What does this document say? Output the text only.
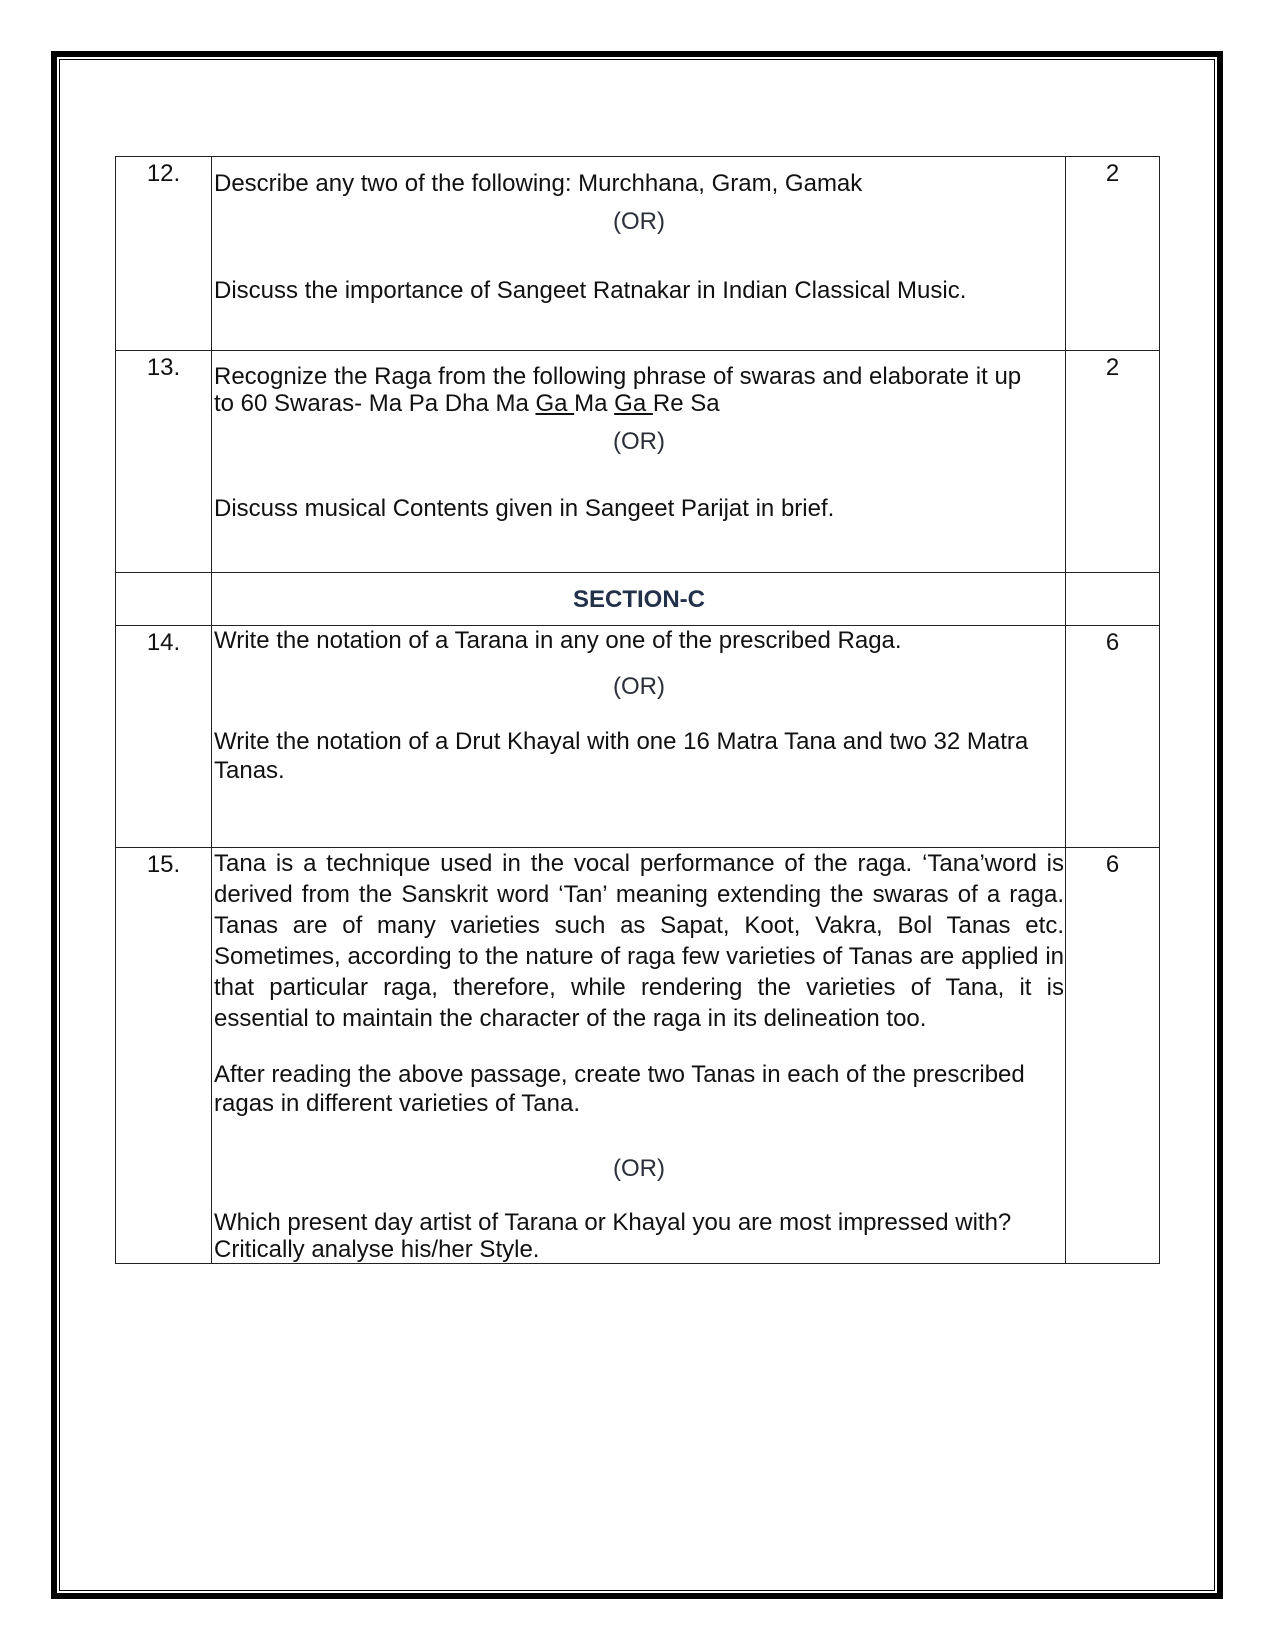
12.	Describe any two of the following: Murchhana, Gram, Gamak

(OR)

Discuss the importance of Sangeet Ratnakar in Indian Classical Music.	2
13.	Recognize the Raga from the following phrase of swaras and elaborate it up
to 60 Swaras- Ma Pa Dha Ma Ga Ma Ga Re Sa

(OR)

Discuss musical Contents given in Sangeet Parijat in brief.	2

	SECTION-C	

14.	Write the notation of a Tarana in any one of the prescribed Raga.

(OR)

Write the notation of a Drut Khayal with one 16 Matra Tana and two 32 Matra Tanas.	6
15.	Tana is a technique used in the vocal performance of the raga. ‘Tana’word is derived from the Sanskrit word ‘Tan’ meaning extending the swaras of a raga. Tanas are of many varieties such as Sapat, Koot, Vakra, Bol Tanas etc. Sometimes, according to the nature of raga few varieties of Tanas are applied in that particular raga, therefore, while rendering the varieties of Tana, it is essential to maintain the character of the raga in its delineation too.

After reading the above passage, create two Tanas in each of the prescribed ragas in different varieties of Tana.

(OR)

Which present day artist of Tarana or Khayal you are most impressed with?
Critically analyse his/her Style.	6
